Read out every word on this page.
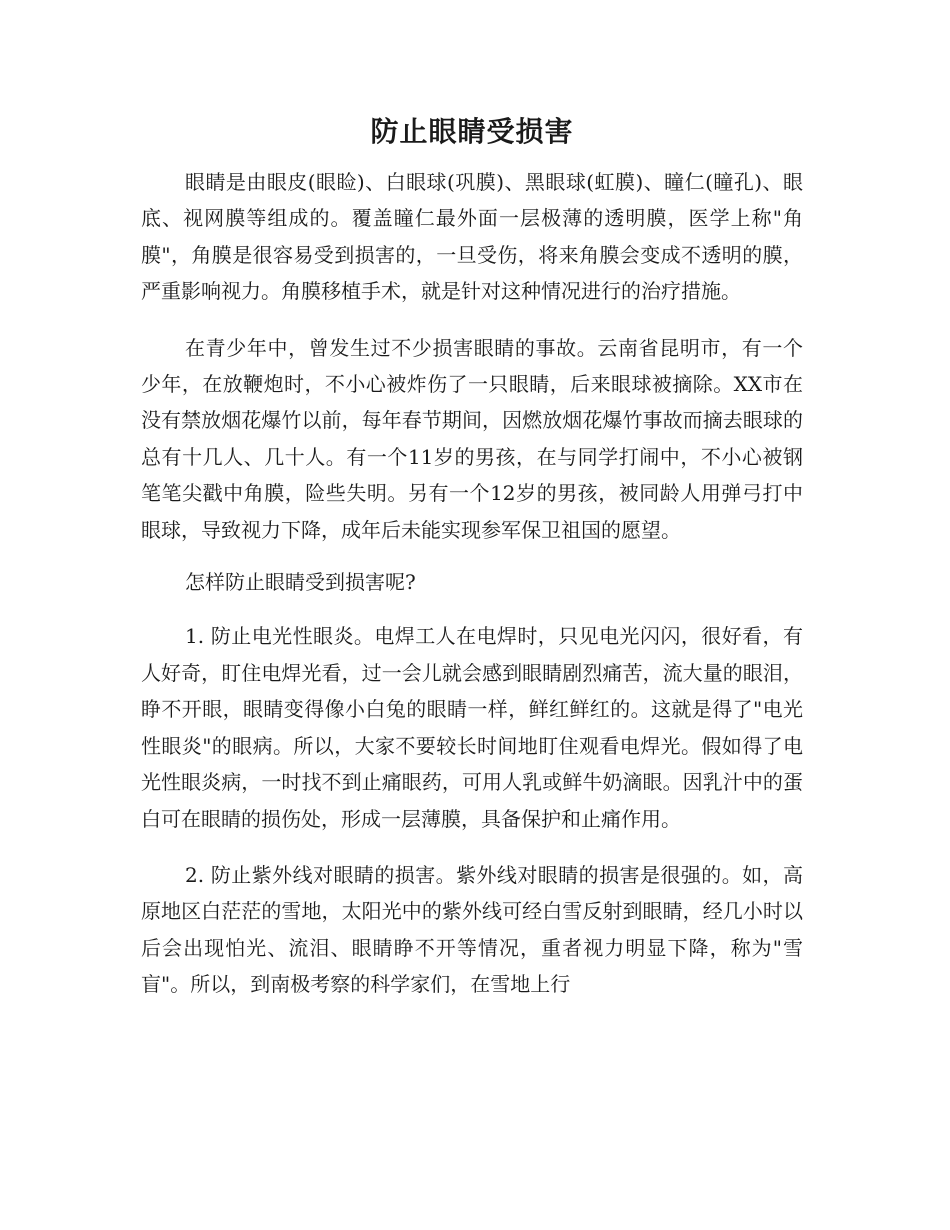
防止眼睛受损害

眼睛是由眼皮(眼睑)、白眼球(巩膜)、黑眼球(虹膜)、瞳仁(瞳孔)、眼底、视网膜等组成的。覆盖瞳仁最外面一层极薄的透明膜，医学上称"角膜"，角膜是很容易受到损害的，一旦受伤，将来角膜会变成不透明的膜，严重影响视力。角膜移植手术，就是针对这种情况进行的治疗措施。

在青少年中，曾发生过不少损害眼睛的事故。云南省昆明市，有一个少年，在放鞭炮时，不小心被炸伤了一只眼睛，后来眼球被摘除。XX市在没有禁放烟花爆竹以前，每年春节期间，因燃放烟花爆竹事故而摘去眼球的总有十几人、几十人。有一个11岁的男孩，在与同学打闹中，不小心被钢笔笔尖戳中角膜，险些失明。另有一个12岁的男孩，被同龄人用弹弓打中眼球，导致视力下降，成年后未能实现参军保卫祖国的愿望。

怎样防止眼睛受到损害呢?

1. 防止电光性眼炎。电焊工人在电焊时，只见电光闪闪，很好看，有人好奇，盯住电焊光看，过一会儿就会感到眼睛剧烈痛苦，流大量的眼泪，睁不开眼，眼睛变得像小白兔的眼睛一样，鲜红鲜红的。这就是得了"电光性眼炎"的眼病。所以，大家不要较长时间地盯住观看电焊光。假如得了电光性眼炎病，一时找不到止痛眼药，可用人乳或鲜牛奶滴眼。因乳汁中的蛋白可在眼睛的损伤处，形成一层薄膜，具备保护和止痛作用。

2. 防止紫外线对眼睛的损害。紫外线对眼睛的损害是很强的。如，高原地区白茫茫的雪地，太阳光中的紫外线可经白雪反射到眼睛，经几小时以后会出现怕光、流泪、眼睛睁不开等情况，重者视力明显下降，称为"雪盲"。所以，到南极考察的科学家们，在雪地上行
